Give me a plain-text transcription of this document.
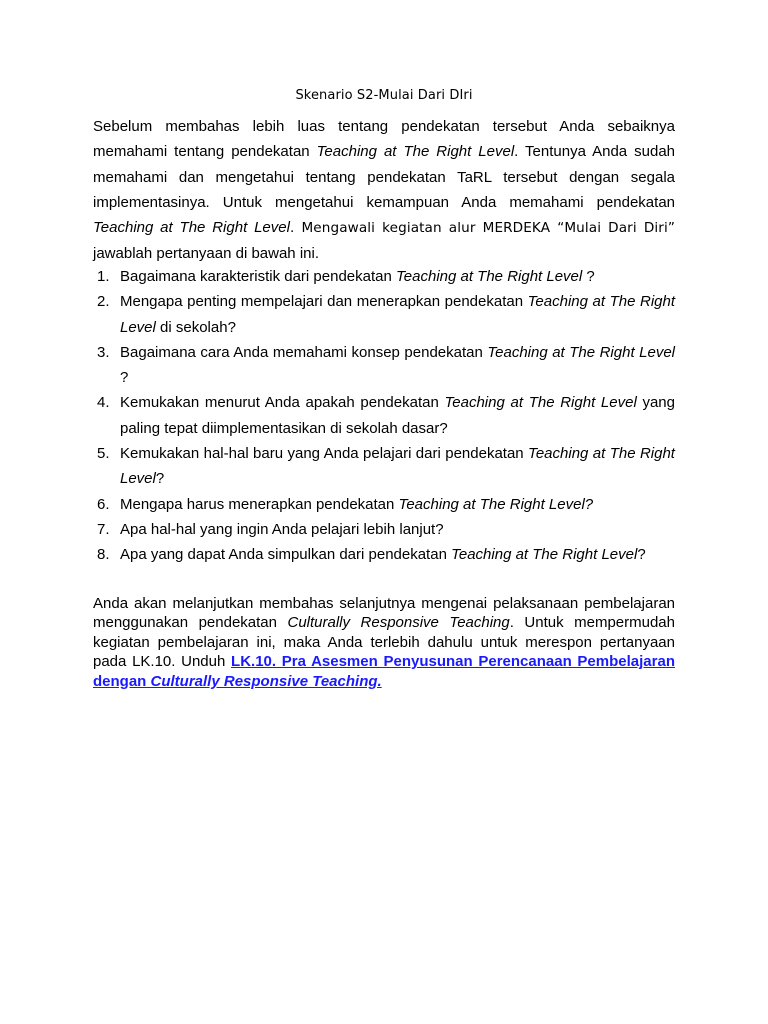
Skenario S2-Mulai Dari DIri

Sebelum membahas lebih luas tentang pendekatan tersebut Anda sebaiknya memahami tentang pendekatan Teaching at The Right Level. Tentunya Anda sudah memahami dan mengetahui tentang pendekatan TaRL tersebut dengan segala implementasinya. Untuk mengetahui kemampuan Anda memahami pendekatan Teaching at The Right Level. Mengawali kegiatan alur MERDEKA “Mulai Dari Diri” jawablah pertanyaan di bawah ini.

1. Bagaimana karakteristik dari pendekatan Teaching at The Right Level ?
2. Mengapa penting mempelajari dan menerapkan pendekatan Teaching at The Right Level di sekolah?
3. Bagaimana cara Anda memahami konsep pendekatan Teaching at The Right Level ?
4. Kemukakan menurut Anda apakah pendekatan Teaching at The Right Level yang paling tepat diimplementasikan di sekolah dasar?
5. Kemukakan hal-hal baru yang Anda pelajari dari pendekatan Teaching at The Right Level?
6. Mengapa harus menerapkan pendekatan Teaching at The Right Level?
7. Apa hal-hal yang ingin Anda pelajari lebih lanjut?
8. Apa yang dapat Anda simpulkan dari pendekatan Teaching at The Right Level?

Anda akan melanjutkan membahas selanjutnya mengenai pelaksanaan pembelajaran menggunakan pendekatan Culturally Responsive Teaching. Untuk mempermudah kegiatan pembelajaran ini, maka Anda terlebih dahulu untuk merespon pertanyaan pada LK.10. Unduh LK.10. Pra Asesmen Penyusunan Perencanaan Pembelajaran dengan Culturally Responsive Teaching.
